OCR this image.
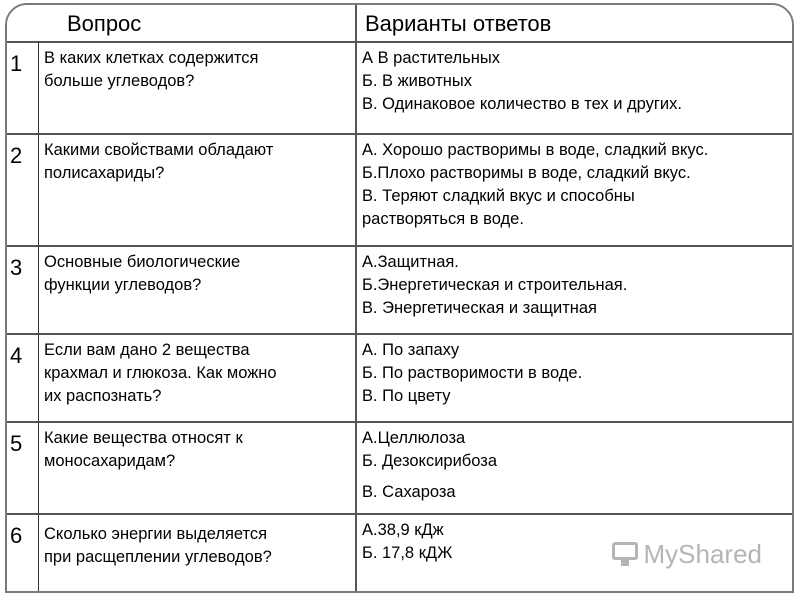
Вопрос	Варианты ответов
1 В каких клетках содержится
больше углеводов?
А В растительных
Б. В животных
В. Одинаковое количество в тех и других.
2 Какими свойствами обладают
полисахариды?
А. Хорошо растворимы в воде, сладкий вкус.
Б.Плохо растворимы в воде, сладкий вкус.
В. Теряют сладкий вкус и способны
растворяться в воде.
3 Основные биологические
функции углеводов?
А.Защитная.
Б.Энергетическая и строительная.
В. Энергетическая и защитная
4 Если вам дано 2 вещества
крахмал и глюкоза. Как можно
их распознать?
А. По запаху
Б. По растворимости в воде.
В. По цвету
5 Какие вещества относят к
моносахаридам?
А.Целлюлоза
Б. Дезоксирибоза
В. Сахароза
6 Сколько энергии выделяется
при расщеплении углеводов?
А.38,9 кДж
Б. 17,8 кДЖ	MyShared
